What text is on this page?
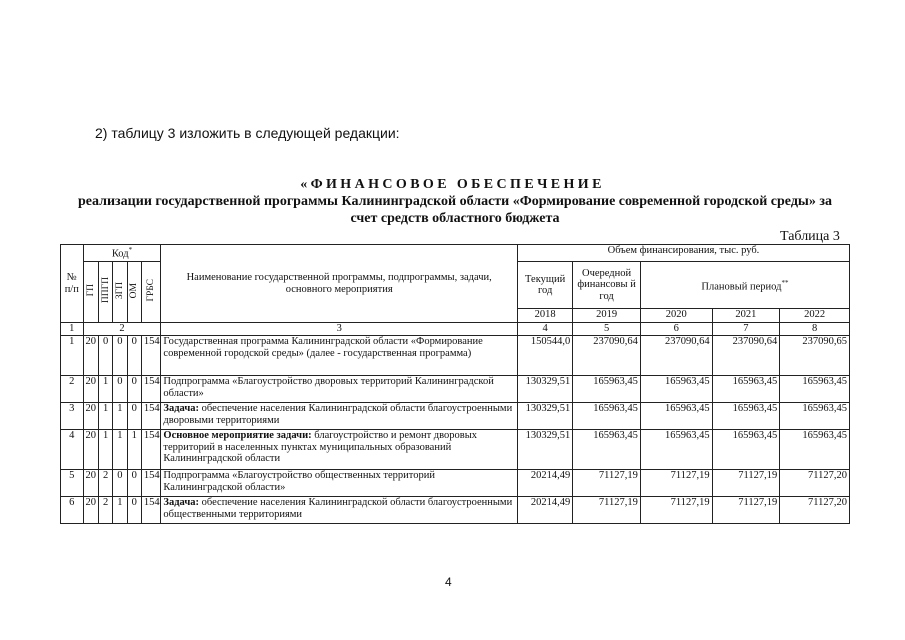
2) таблицу 3 изложить в следующей редакции:
«ФИНАНСОВОЕ ОБЕСПЕЧЕНИЕ
реализации государственной программы Калининградской области «Формирование современной городской среды» за счет средств областного бюджета
Таблица 3
№ п/п	Код*					Наименование государственной программы, подпрограммы, задачи, основного мероприятия	Объем финансирования, тыс. руб.				
	ГП	ППГП	ЗГП	ОМ	ГРБС		Текущий год	Очередной финансовы й год	Плановый период**
							2018	2019	2020	2021	2022
1	2					3	4	5	6	7	8
1	20	0	0	0	154	Государственная программа Калининградской области «Формирование современной городской среды» (далее - государственная программа)	150544,0	237090,64	237090,64	237090,64	237090,65
2	20	1	0	0	154	Подпрограмма «Благоустройство дворовых территорий Калининградской области»	130329,51	165963,45	165963,45	165963,45	165963,45
3	20	1	1	0	154	Задача: обеспечение населения Калининградской области благоустроенными дворовыми территориями	130329,51	165963,45	165963,45	165963,45	165963,45
4	20	1	1	1	154	Основное мероприятие задачи: благоустройство и ремонт дворовых территорий в населенных пунктах муниципальных образований Калининградской области	130329,51	165963,45	165963,45	165963,45	165963,45
5	20	2	0	0	154	Подпрограмма «Благоустройство общественных территорий Калининградской области»	20214,49	71127,19	71127,19	71127,19	71127,20
6	20	2	1	0	154	Задача: обеспечение населения Калининградской области благоустроенными общественными территориями	20214,49	71127,19	71127,19	71127,19	71127,20
4
